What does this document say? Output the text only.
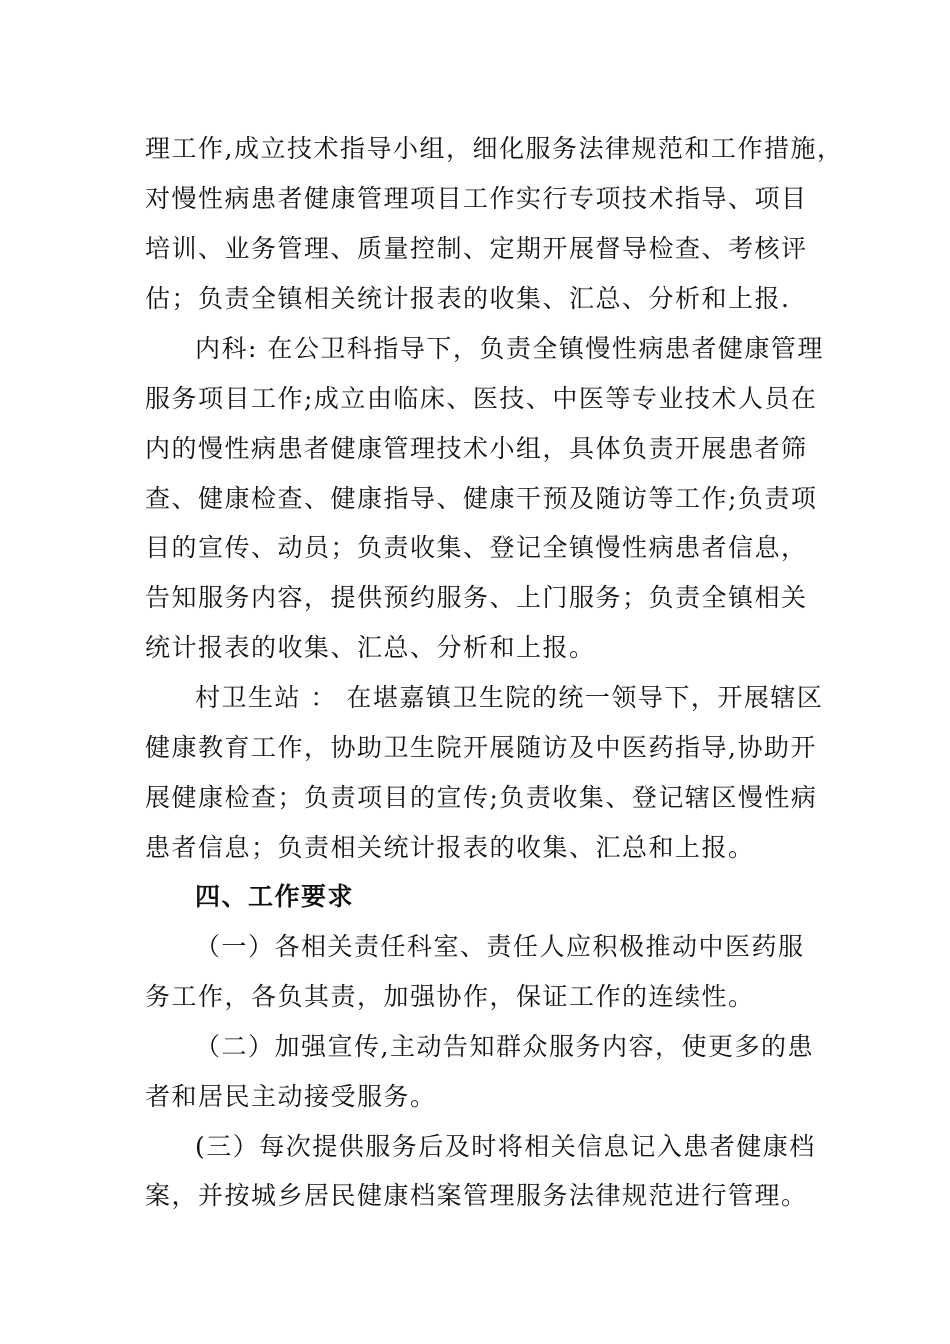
理工作,成立技术指导小组，细化服务法律规范和工作措施，
对慢性病患者健康管理项目工作实行专项技术指导、项目
培训、业务管理、质量控制、定期开展督导检查、考核评
估；负责全镇相关统计报表的收集、汇总、分析和上报.
内科: 在公卫科指导下，负责全镇慢性病患者健康管理
服务项目工作;成立由临床、医技、中医等专业技术人员在
内的慢性病患者健康管理技术小组，具体负责开展患者筛
查、健康检查、健康指导、健康干预及随访等工作;负责项
目的宣传、动员；负责收集、登记全镇慢性病患者信息，
告知服务内容，提供预约服务、上门服务；负责全镇相关
统计报表的收集、汇总、分析和上报。
村卫生站 ： 在堪嘉镇卫生院的统一领导下，开展辖区
健康教育工作，协助卫生院开展随访及中医药指导,协助开
展健康检查；负责项目的宣传;负责收集、登记辖区慢性病
患者信息；负责相关统计报表的收集、汇总和上报。
四、工作要求
（一）各相关责任科室、责任人应积极推动中医药服
务工作，各负其责，加强协作，保证工作的连续性。
（二）加强宣传,主动告知群众服务内容，使更多的患
者和居民主动接受服务。
(三）每次提供服务后及时将相关信息记入患者健康档
案，并按城乡居民健康档案管理服务法律规范进行管理。
